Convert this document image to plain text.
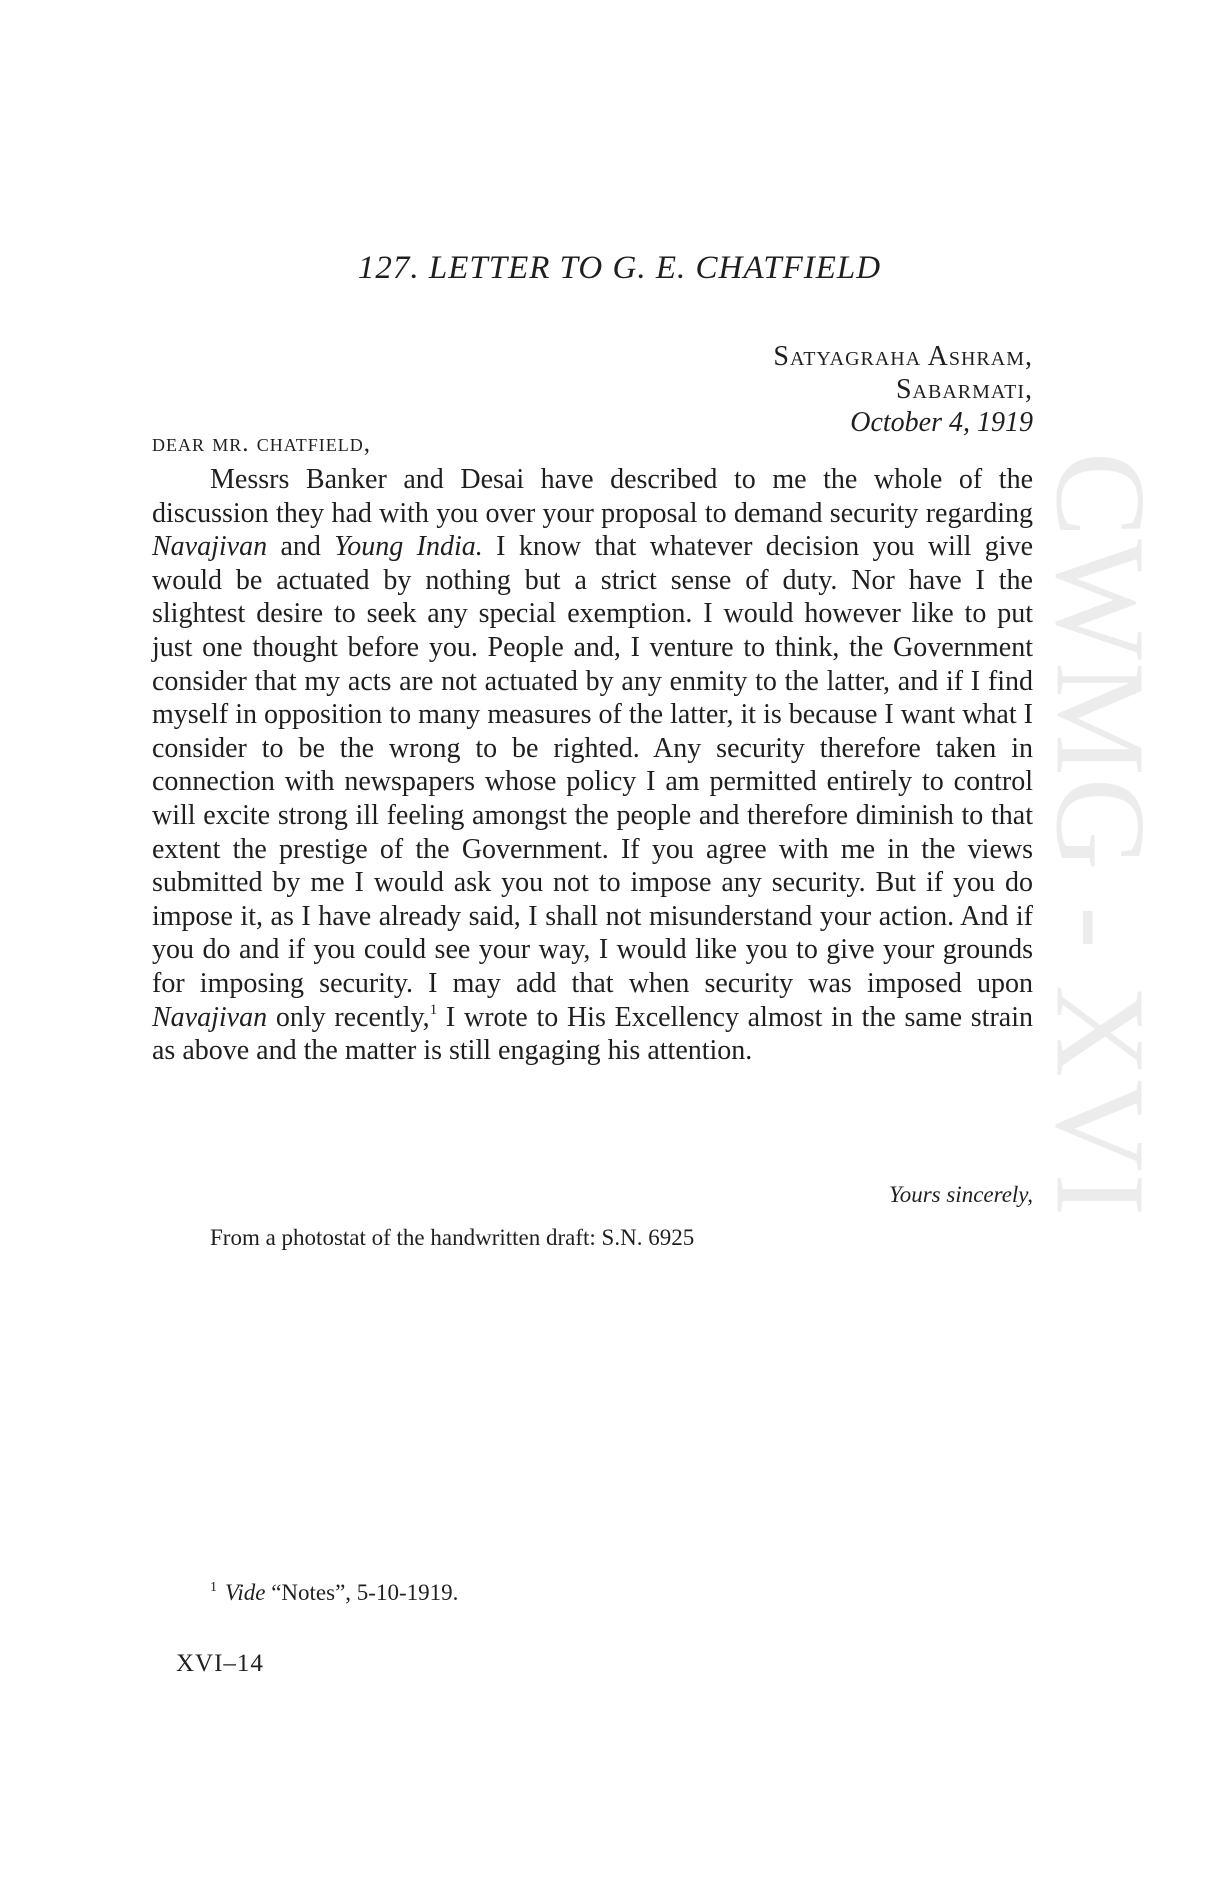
CWMG - XVI
127. LETTER TO G. E. CHATFIELD
Satyagraha Ashram,
Sabarmati,
October 4, 1919
dear mr. chatfield,

Messrs Banker and Desai have described to me the whole of the discussion they had with you over your proposal to demand security regarding Navajivan and Young India. I know that whatever decision you will give would be actuated by nothing but a strict sense of duty. Nor have I the slightest desire to seek any special exemption. I would however like to put just one thought before you. People and, I venture to think, the Government consider that my acts are not actuated by any enmity to the latter, and if I find myself in opposition to many measures of the latter, it is because I want what I consider to be the wrong to be righted. Any security therefore taken in connection with newspapers whose policy I am permitted entirely to control will excite strong ill feeling amongst the people and therefore diminish to that extent the prestige of the Government. If you agree with me in the views submitted by me I would ask you not to impose any security. But if you do impose it, as I have already said, I shall not misunderstand your action. And if you do and if you could see your way, I would like you to give your grounds for imposing security. I may add that when security was imposed upon Navajivan only recently,$^1$ I wrote to His Excellency almost in the same strain as above and the matter is still engaging his attention.

Yours sincerely,
From a photostat of the handwritten draft: S.N. 6925
$^1$ Vide “Notes”, 5-10-1919.
XVI–14
